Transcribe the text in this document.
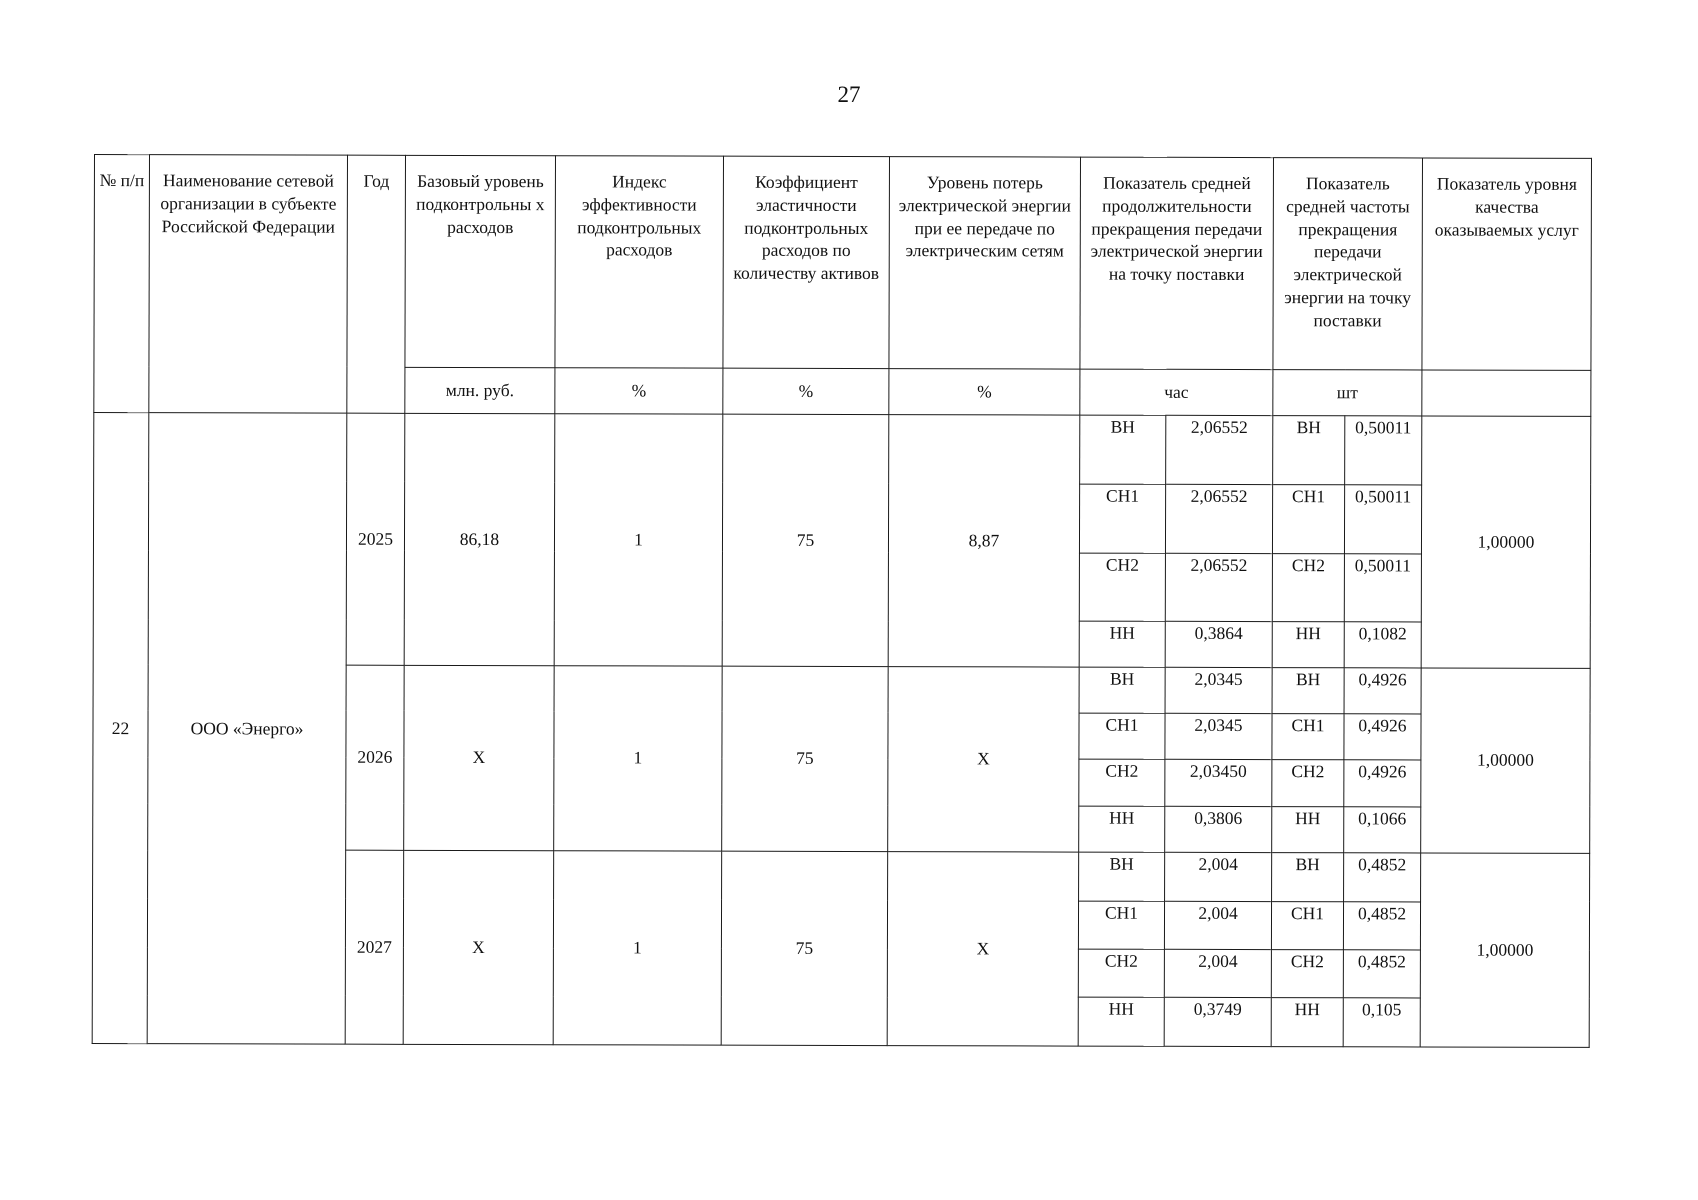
27
№ п/п	Наименование сетевой организации в субъекте Российской Федерации	Год	Базовый уровень подконтрольны х расходов	Индекс эффективности подконтрольных расходов	Коэффициент эластичности подконтрольных расходов по количеству активов	Уровень потерь электрической энергии при ее передаче по электрическим сетям	Показатель средней продолжительности прекращения передачи электрической энергии на точку поставки		Показатель средней частоты прекращения передачи электрической энергии на точку поставки		Показатель уровня качества оказываемых услуг
			млн. руб.	%	%	%	час		шт		
22	ООО «Энерго»	2025	86,18	1	75	8,87	ВН	2,06552	ВН	0,50011	1,00000
							СН1	2,06552	СН1	0,50011	
							СН2	2,06552	СН2	0,50011	
							НН	0,3864	НН	0,1082	
		2026	Х	1	75	Х	ВН	2,0345	ВН	0,4926	1,00000
							СН1	2,0345	СН1	0,4926	
							СН2	2,03450	СН2	0,4926	
							НН	0,3806	НН	0,1066	
		2027	Х	1	75	Х	ВН	2,004	ВН	0,4852	1,00000
							СН1	2,004	СН1	0,4852	
							СН2	2,004	СН2	0,4852	
							НН	0,3749	НН	0,105	
